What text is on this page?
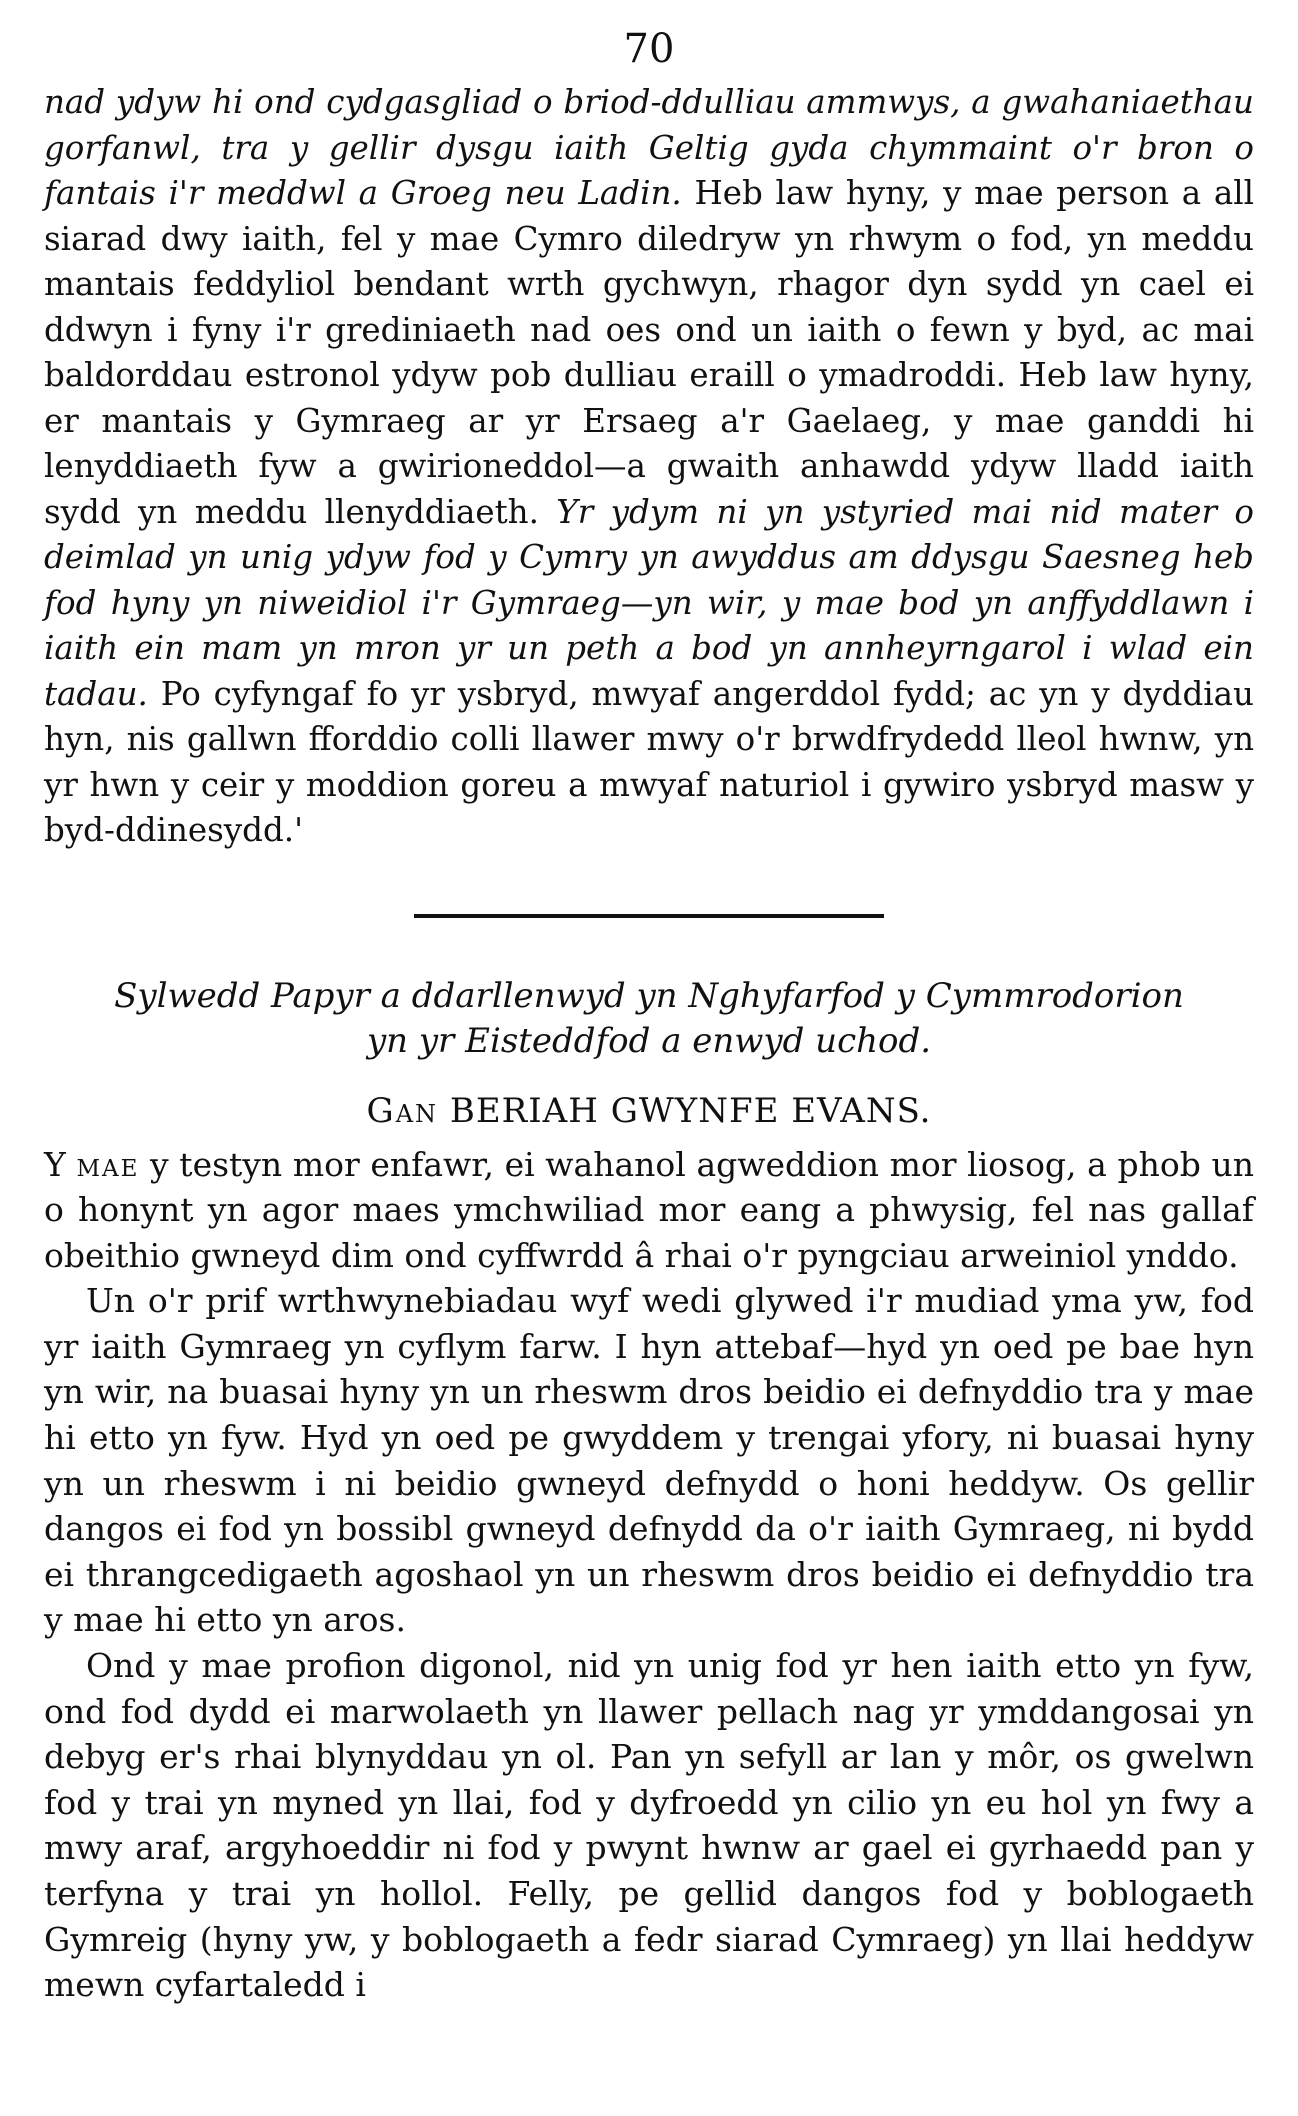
70

nad ydyw hi ond cydgasgliad o briod-ddulliau ammwys, a gwahaniaethau gorfanwl, tra y gellir dysgu iaith Geltig gyda chymmaint o'r bron o fantais i'r meddwl a Groeg neu Ladin. Heb law hyny, y mae person a all siarad dwy iaith, fel y mae Cymro diledryw yn rhwym o fod, yn meddu mantais feddyliol bendant wrth gychwyn, rhagor dyn sydd yn cael ei ddwyn i fyny i'r grediniaeth nad oes ond un iaith o fewn y byd, ac mai baldorddau estronol ydyw pob dulliau eraill o ymadroddi. Heb law hyny, er mantais y Gymraeg ar yr Ersaeg a'r Gaelaeg, y mae ganddi hi lenyddiaeth fyw a gwirioneddol—a gwaith anhawdd ydyw lladd iaith sydd yn meddu llenyddiaeth. Yr ydym ni yn ystyried mai nid mater o deimlad yn unig ydyw fod y Cymry yn awyddus am ddysgu Saesneg heb fod hyny yn niweidiol i'r Gymraeg—yn wir, y mae bod yn anffyddlawn i iaith ein mam yn mron yr un peth a bod yn annheyrngarol i wlad ein tadau. Po cyfyngaf fo yr ysbryd, mwyaf angerddol fydd; ac yn y dyddiau hyn, nis gallwn fforddio colli llawer mwy o'r brwdfrydedd lleol hwnw, yn yr hwn y ceir y moddion goreu a mwyaf naturiol i gywiro ysbryd masw y byd-ddinesydd.'

Sylwedd Papyr a ddarllenwyd yn Nghyfarfod y Cymmrodorion
yn yr Eisteddfod a enwyd uchod.

Gan BERIAH GWYNFE EVANS.

Y mae y testyn mor enfawr, ei wahanol agweddion mor liosog, a phob un o honynt yn agor maes ymchwiliad mor eang a phwysig, fel nas gallaf obeithio gwneyd dim ond cyffwrdd â rhai o'r pyngciau arweiniol ynddo.

Un o'r prif wrthwynebiadau wyf wedi glywed i'r mudiad yma yw, fod yr iaith Gymraeg yn cyflym farw. I hyn attebaf—hyd yn oed pe bae hyn yn wir, na buasai hyny yn un rheswm dros beidio ei defnyddio tra y mae hi etto yn fyw. Hyd yn oed pe gwyddem y trengai yfory, ni buasai hyny yn un rheswm i ni beidio gwneyd defnydd o honi heddyw. Os gellir dangos ei fod yn bossibl gwneyd defnydd da o'r iaith Gymraeg, ni bydd ei thrangcedigaeth agoshaol yn un rheswm dros beidio ei defnyddio tra y mae hi etto yn aros.

Ond y mae profion digonol, nid yn unig fod yr hen iaith etto yn fyw, ond fod dydd ei marwolaeth yn llawer pellach nag yr ymddangosai yn debyg er's rhai blynyddau yn ol. Pan yn sefyll ar lan y môr, os gwelwn fod y trai yn myned yn llai, fod y dyfroedd yn cilio yn eu hol yn fwy a mwy araf, argyhoeddir ni fod y pwynt hwnw ar gael ei gyrhaedd pan y terfyna y trai yn hollol. Felly, pe gellid dangos fod y boblogaeth Gymreig (hyny yw, y boblogaeth a fedr siarad Cymraeg) yn llai heddyw mewn cyfartaledd i
